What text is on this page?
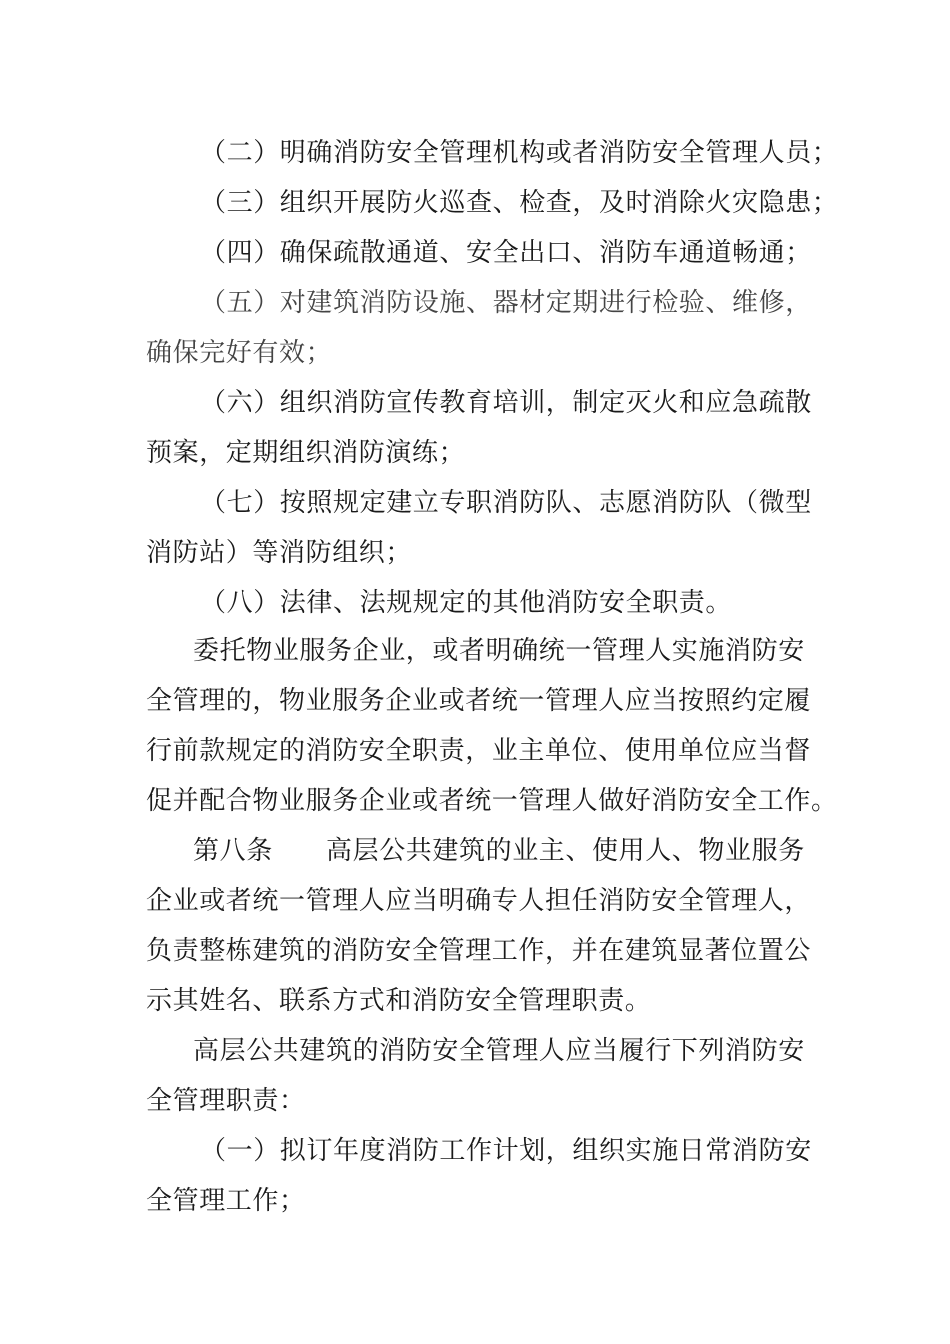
（二）明确消防安全管理机构或者消防安全管理人员；
（三）组织开展防火巡查、检查，及时消除火灾隐患；
（四）确保疏散通道、安全出口、消防车通道畅通；
（五）对建筑消防设施、器材定期进行检验、维修，
确保完好有效；
（六）组织消防宣传教育培训，制定灭火和应急疏散
预案，定期组织消防演练；
（七）按照规定建立专职消防队、志愿消防队（微型
消防站）等消防组织；
（八）法律、法规规定的其他消防安全职责。
委托物业服务企业，或者明确统一管理人实施消防安
全管理的，物业服务企业或者统一管理人应当按照约定履
行前款规定的消防安全职责，业主单位、使用单位应当督
促并配合物业服务企业或者统一管理人做好消防安全工作。
第八条　　高层公共建筑的业主、使用人、物业服务
企业或者统一管理人应当明确专人担任消防安全管理人，
负责整栋建筑的消防安全管理工作，并在建筑显著位置公
示其姓名、联系方式和消防安全管理职责。
高层公共建筑的消防安全管理人应当履行下列消防安
全管理职责：
（一）拟订年度消防工作计划，组织实施日常消防安
全管理工作；
